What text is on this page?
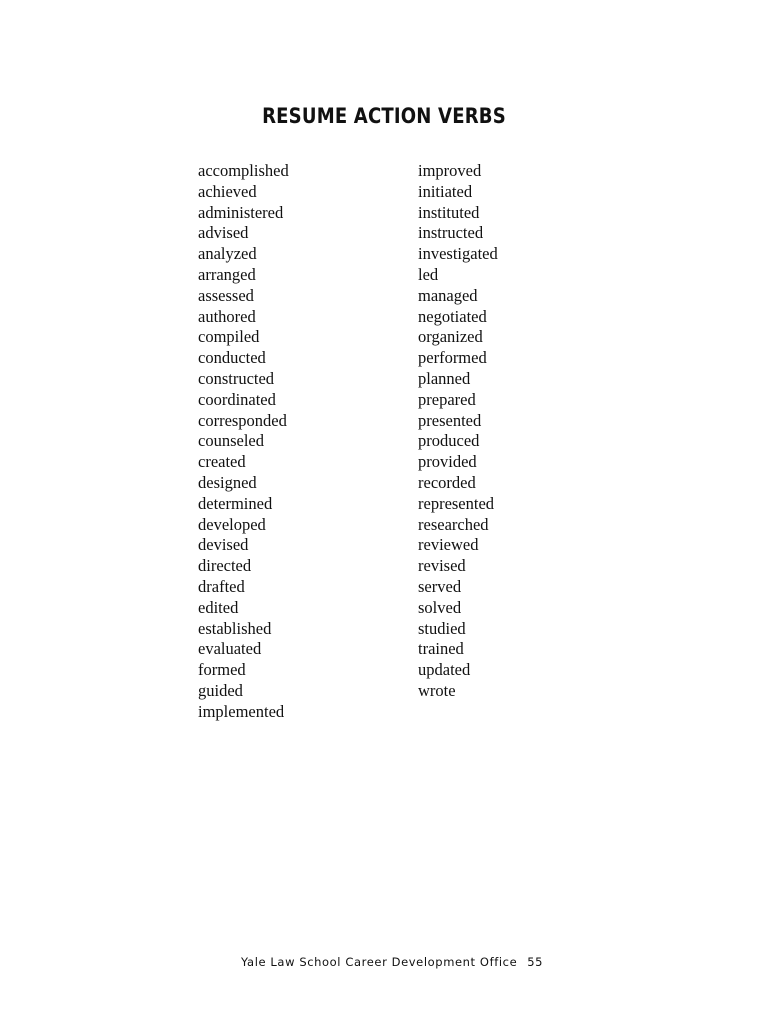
RESUME ACTION VERBS
accomplished
achieved
administered
advised
analyzed
arranged
assessed
authored
compiled
conducted
constructed
coordinated
corresponded
counseled
created
designed
determined
developed
devised
directed
drafted
edited
established
evaluated
formed
guided
implemented
improved
initiated
instituted
instructed
investigated
led
managed
negotiated
organized
performed
planned
prepared
presented
produced
provided
recorded
represented
researched
reviewed
revised
served
solved
studied
trained
updated
wrote
Yale Law School Career Development Office 55
